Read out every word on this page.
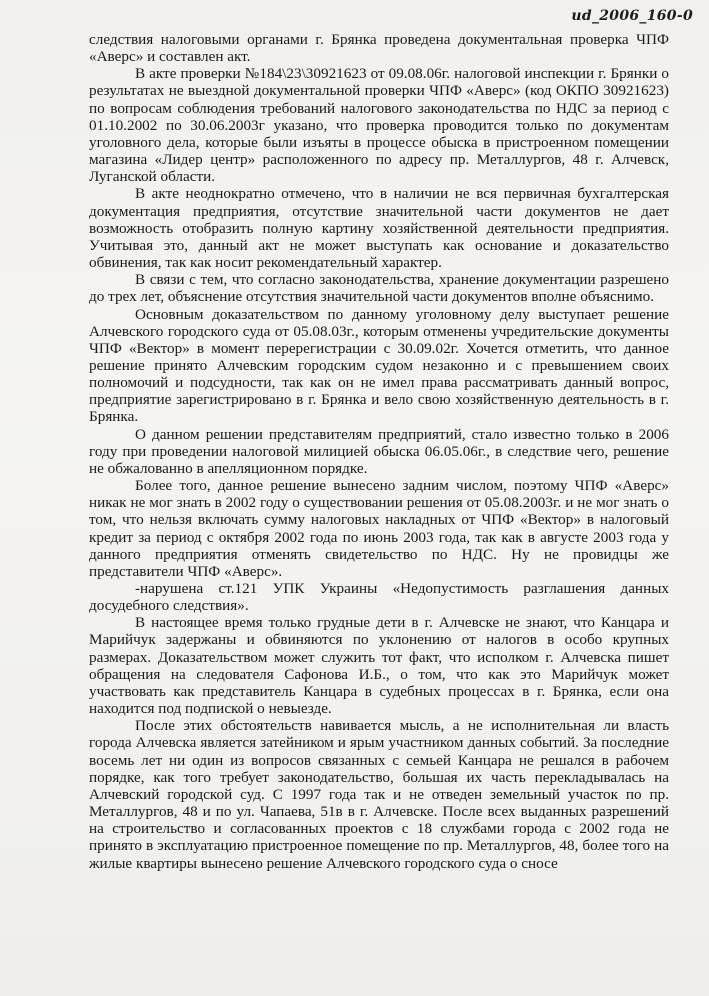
ud_2006_160-0

следствия налоговыми органами г. Брянка проведена документальная проверка ЧПФ «Аверс» и составлен акт.

В акте проверки №184\23\30921623 от 09.08.06г. налоговой инспекции г. Брянки о результатах не выездной документальной проверки ЧПФ «Аверс» (код ОКПО 30921623) по вопросам соблюдения требований налогового законодательства по НДС за период с 01.10.2002 по 30.06.2003г указано, что проверка проводится только по документам уголовного дела, которые были изъяты в процессе обыска в пристроенном помещении магазина «Лидер центр» расположенного по адресу пр. Металлургов, 48 г. Алчевск, Луганской области.

В акте неоднократно отмечено, что в наличии не вся первичная бухгалтерская документация предприятия, отсутствие значительной части документов не дает возможность отобразить полную картину хозяйственной деятельности предприятия. Учитывая это, данный акт не может выступать как основание и доказательство обвинения, так как носит рекомендательный характер.

В связи с тем, что согласно законодательства, хранение документации разрешено до трех лет, объяснение отсутствия значительной части документов вполне объяснимо.

Основным доказательством по данному уголовному делу выступает решение Алчевского городского суда от 05.08.03г., которым отменены учредительские документы ЧПФ «Вектор» в момент перерегистрации с 30.09.02г. Хочется отметить, что данное решение принято Алчевским городским судом незаконно и с превышением своих полномочий и подсудности, так как он не имел права рассматривать данный вопрос, предприятие зарегистрировано в г. Брянка и вело свою хозяйственную деятельность в г. Брянка.

О данном решении представителям предприятий, стало известно только в 2006 году при проведении налоговой милицией обыска 06.05.06г., в следствие чего, решение не обжалованно в апелляционном порядке.

Более того, данное решение вынесено задним числом, поэтому ЧПФ «Аверс» никак не мог знать в 2002 году о существовании решения от 05.08.2003г. и не мог знать о том, что нельзя включать сумму налоговых накладных от ЧПФ «Вектор» в налоговый кредит за период с октября 2002 года по июнь 2003 года, так как в августе 2003 года у данного предприятия отменять свидетельство по НДС. Ну не провидцы же представители ЧПФ «Аверс».

-нарушена ст.121 УПК Украины «Недопустимость разглашения данных досудебного следствия».

В настоящее время только грудные дети в г. Алчевске не знают, что Канцара и Марийчук задержаны и обвиняются по уклонению от налогов в особо крупных размерах. Доказательством может служить тот факт, что исполком г. Алчевска пишет обращения на следователя Сафонова И.Б., о том, что как это Марийчук может участвовать как представитель Канцара в судебных процессах в г. Брянка, если она находится под подпиской о невыезде.

После этих обстоятельств навивается мысль, а не исполнительная ли власть города Алчевска является затейником и ярым участником данных событий. За последние восемь лет ни один из вопросов связанных с семьей Канцара не решался в рабочем порядке, как того требует законодательство, большая их часть перекладывалась на Алчевский городской суд. С 1997 года так и не отведен земельный участок по пр. Металлургов, 48 и по ул. Чапаева, 51в в г. Алчевске. После всех выданных разрешений на строительство и согласованных проектов с 18 службами города с 2002 года не принято в эксплуатацию пристроенное помещение по пр. Металлургов, 48, более того на жилые квартиры вынесено решение Алчевского городского суда о сносе
